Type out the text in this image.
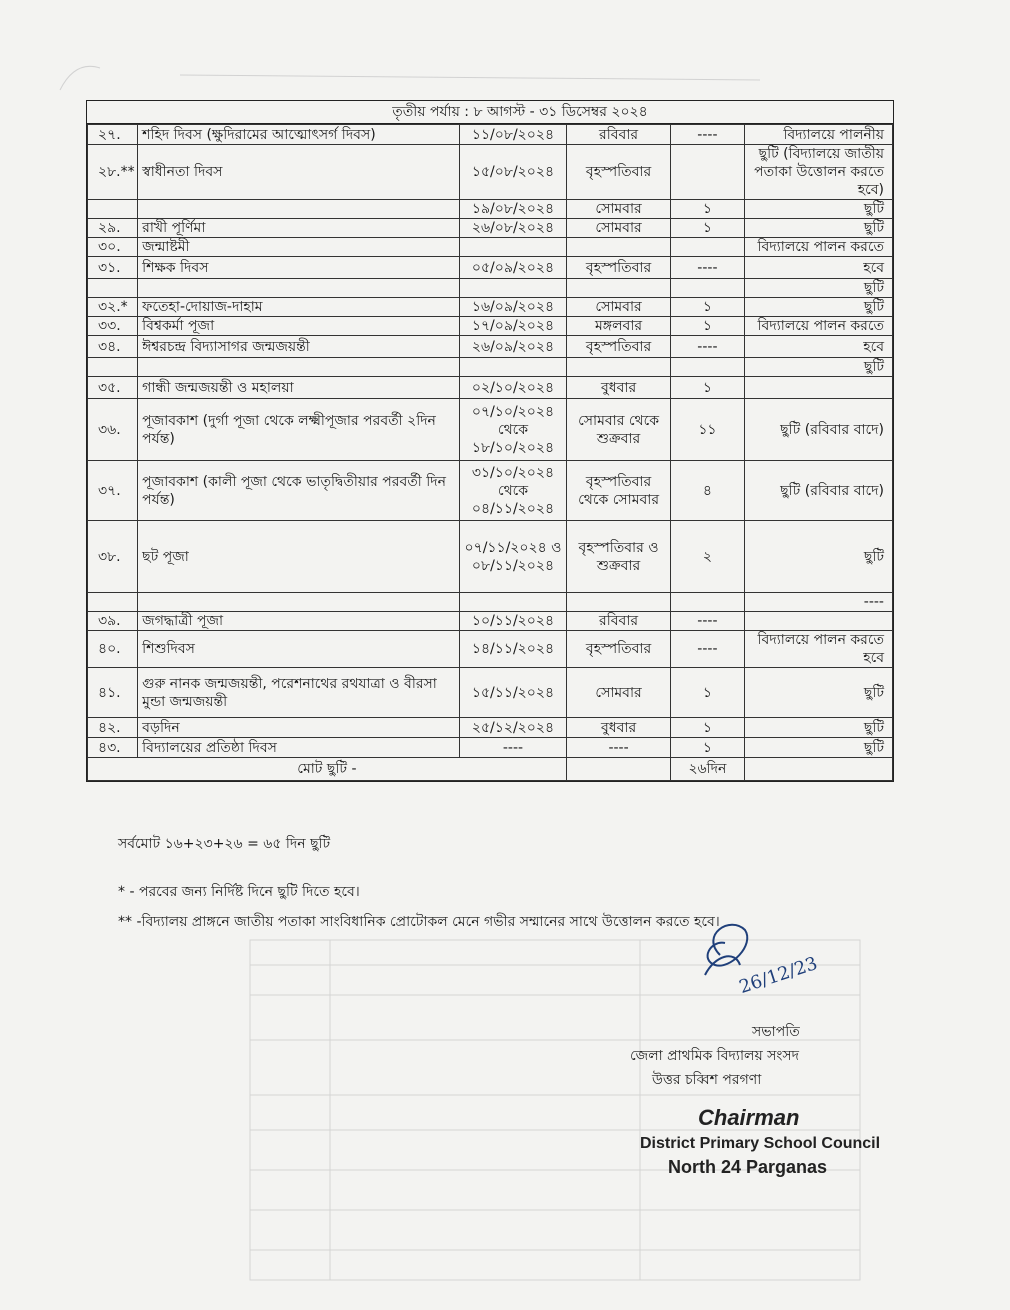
তৃতীয় পর্যায় : ৮ আগস্ট - ৩১ ডিসেম্বর ২০২৪
২৭.	শহিদ দিবস (ক্ষুদিরামের আত্মোৎসর্গ দিবস)	১১/০৮/২০২৪	রবিবার	----	বিদ্যালয়ে পালনীয়
২৮.**	স্বাধীনতা দিবস	১৫/০৮/২০২৪	বৃহস্পতিবার		ছুটি (বিদ্যালয়ে জাতীয় পতাকা উত্তোলন করতে হবে)
		১৯/০৮/২০২৪	সোমবার	১	ছুটি
২৯.	রাখী পূর্ণিমা	২৬/০৮/২০২৪	সোমবার	১	ছুটি
৩০.	জন্মাষ্টমী				বিদ্যালয়ে পালন করতে
৩১.	শিক্ষক দিবস	০৫/০৯/২০২৪	বৃহস্পতিবার	----	হবে
					ছুটি
৩২.*	ফতেহা-দোয়াজ-দাহাম	১৬/০৯/২০২৪	সোমবার	১	ছুটি
৩৩.	বিশ্বকর্মা পূজা	১৭/০৯/২০২৪	মঙ্গলবার	১	বিদ্যালয়ে পালন করতে
৩৪.	ঈশ্বরচন্দ্র বিদ্যাসাগর জন্মজয়ন্তী	২৬/০৯/২০২৪	বৃহস্পতিবার	----	হবে
					ছুটি
৩৫.	গান্ধী জন্মজয়ন্তী ও মহালয়া	০২/১০/২০২৪	বুধবার	১	
৩৬.	পূজাবকাশ (দুর্গা পূজা থেকে লক্ষ্মীপূজার পরবর্তী ২দিন পর্যন্ত)	০৭/১০/২০২৪ থেকে ১৮/১০/২০২৪	সোমবার থেকে শুক্রবার	১১	ছুটি (রবিবার বাদে)
৩৭.	পূজাবকাশ (কালী পূজা থেকে ভাতৃদ্বিতীয়ার পরবর্তী দিন পর্যন্ত)	৩১/১০/২০২৪ থেকে ০৪/১১/২০২৪	বৃহস্পতিবার থেকে সোমবার	৪	ছুটি (রবিবার বাদে)
৩৮.	ছট পূজা	০৭/১১/২০২৪ ও ০৮/১১/২০২৪	বৃহস্পতিবার ও শুক্রবার	২	ছুটি
					----
৩৯.	জগদ্ধাত্রী পূজা	১০/১১/২০২৪	রবিবার	----	
৪০.	শিশুদিবস	১৪/১১/২০২৪	বৃহস্পতিবার	----	বিদ্যালয়ে পালন করতে হবে
৪১.	গুরু নানক জন্মজয়ন্তী, পরেশনাথের রথযাত্রা ও বীরসা মুন্ডা জন্মজয়ন্তী	১৫/১১/২০২৪	সোমবার	১	ছুটি
৪২.	বড়দিন	২৫/১২/২০২৪	বুধবার	১	ছুটি
৪৩.	বিদ্যালয়ের প্রতিষ্ঠা দিবস	----	----	১	ছুটি
মোট ছুটি -				২৬দিন	
সর্বমোট ১৬+২৩+২৬ = ৬৫ দিন ছুটি
* - পরবের জন্য নির্দিষ্ট দিনে ছুটি দিতে হবে।
** -বিদ্যালয় প্রাঙ্গনে জাতীয় পতাকা সাংবিধানিক প্রোটোকল মেনে গভীর সম্মানের সাথে উত্তোলন করতে হবে।
26/12/23
সভাপতি
জেলা প্রাথমিক বিদ্যালয় সংসদ
উত্তর চব্বিশ পরগণা
Chairman
District Primary School Council
North 24 Parganas
